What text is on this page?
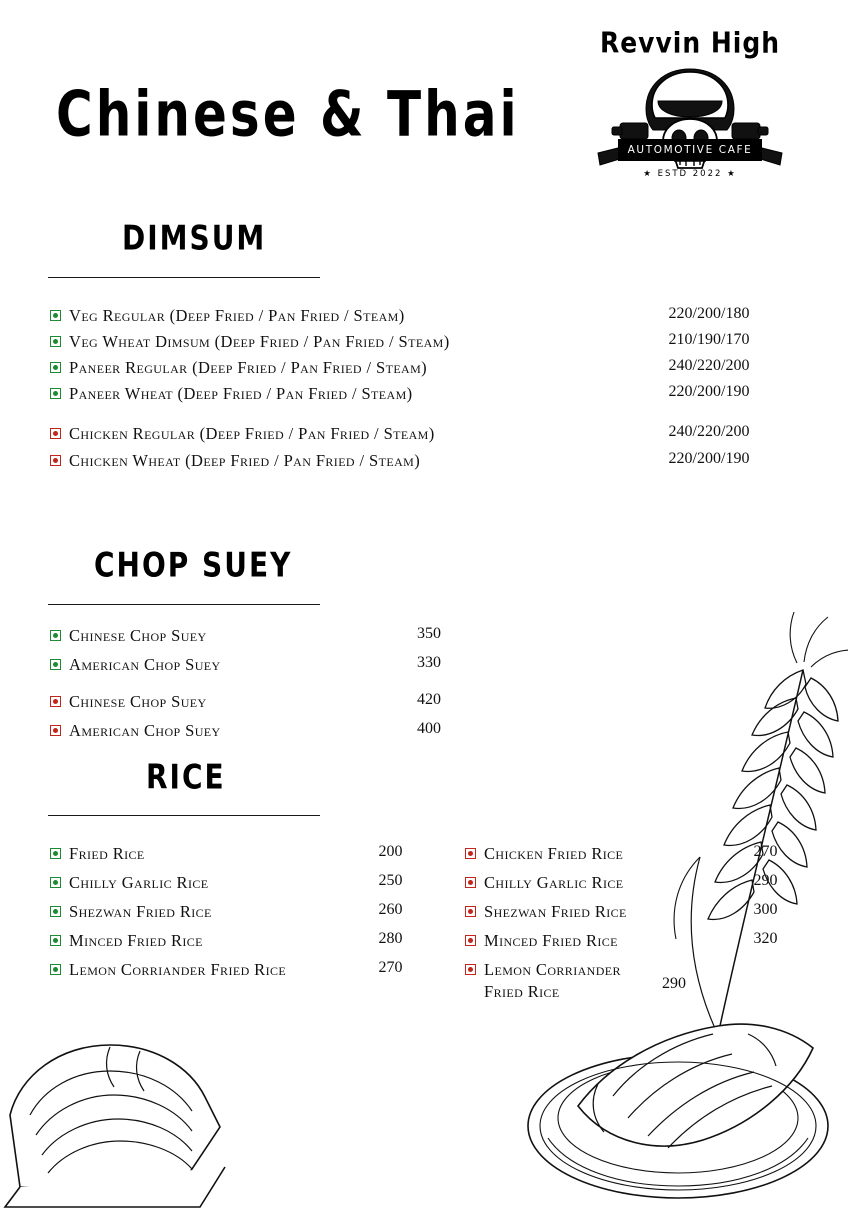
Chinese & Thai
Revvin High
AUTOMOTIVE CAFE
★ ESTD 2022 ★
DIMSUM
Veg Regular (Deep Fried / Pan Fried / Steam)	220/200/180
Veg Wheat Dimsum (Deep Fried / Pan Fried / Steam)	210/190/170
Paneer Regular (Deep Fried / Pan Fried / Steam)	240/220/200
Paneer Wheat (Deep Fried / Pan Fried / Steam)	220/200/190
Chicken Regular (Deep Fried / Pan Fried / Steam)	240/220/200
Chicken Wheat (Deep Fried / Pan Fried / Steam)	220/200/190
CHOP SUEY
Chinese Chop Suey	350
American Chop Suey	330
Chinese Chop Suey	420
American Chop Suey	400
RICE
Fried Rice	200
Chilly Garlic Rice	250
Shezwan Fried Rice	260
Minced Fried Rice	280
Lemon Corriander Fried Rice	270
Chicken Fried Rice	270
Chilly Garlic Rice	290
Shezwan Fried Rice	300
Minced Fried Rice	320
Lemon Corriander Fried Rice	290
